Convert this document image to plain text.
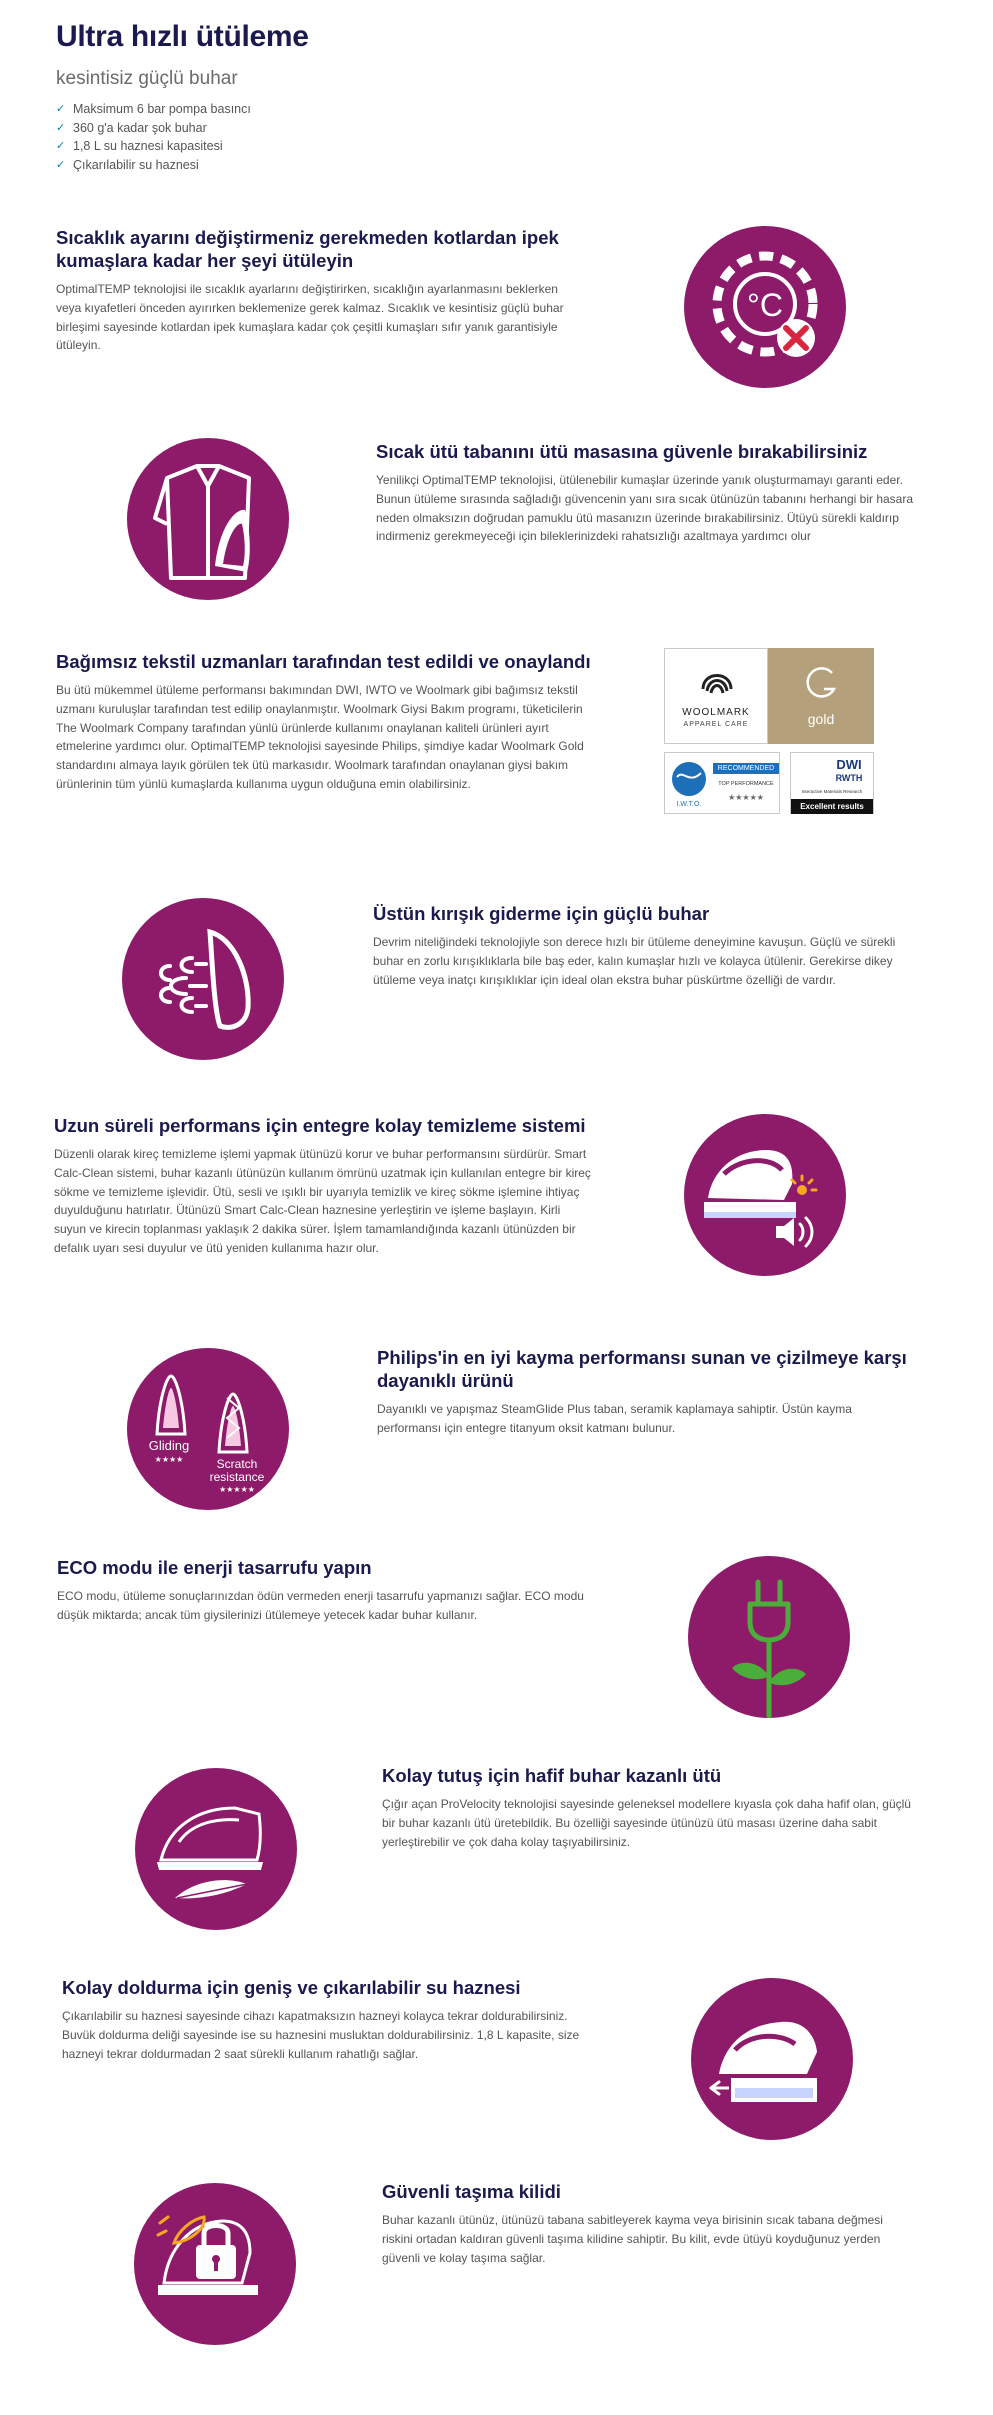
Ultra hızlı ütüleme
kesintisiz güçlü buhar
✓ Maksimum 6 bar pompa basıncı
✓ 360 g'a kadar şok buhar
✓ 1,8 L su haznesi kapasitesi
✓ Çıkarılabilir su haznesi
Sıcaklık ayarını değiştirmeniz gerekmeden kotlardan ipek kumaşlara kadar her şeyi ütüleyin

OptimalTEMP teknolojisi ile sıcaklık ayarlarını değiştirirken, sıcaklığın ayarlanmasını beklerken veya kıyafetleri önceden ayırırken beklemenize gerek kalmaz. Sıcaklık ve kesintisiz güçlü buhar birleşimi sayesinde kotlardan ipek kumaşlara kadar çok çeşitli kumaşları sıfır yanık garantisiyle ütüleyin.

°C
Sıcak ütü tabanını ütü masasına güvenle bırakabilirsiniz

Yenilikçi OptimalTEMP teknolojisi, ütülenebilir kumaşlar üzerinde yanık oluşturmamayı garanti eder. Bunun ütüleme sırasında sağladığı güvencenin yanı sıra sıcak ütünüzün tabanını herhangi bir hasara neden olmaksızın doğrudan pamuklu ütü masanızın üzerinde bırakabilirsiniz. Ütüyü sürekli kaldırıp indirmeniz gerekmeyeceği için bileklerinizdeki rahatsızlığı azaltmaya yardımcı olur

Bağımsız tekstil uzmanları tarafından test edildi ve onaylandı

Bu ütü mükemmel ütüleme performansı bakımından DWI, IWTO ve Woolmark gibi bağımsız tekstil uzmanı kuruluşlar tarafından test edilip onaylanmıştır. Woolmark Giysi Bakım programı, tüketicilerin The Woolmark Company tarafından yünlü ürünlerde kullanımı onaylanan kaliteli ürünleri ayırt etmelerine yardımcı olur. OptimalTEMP teknolojisi sayesinde Philips, şimdiye kadar Woolmark Gold standardını almaya layık görülen tek ütü markasıdır. Woolmark tarafından onaylanan giysi bakım ürünlerinin tüm yünlü kumaşlarda kullanıma uygun olduğuna emin olabilirsiniz.

WOOLMARK
APPAREL CARE	gold
I.W.T.O.
RECOMMENDED
TOP PERFORMANCE
★★★★★
DWI
RWTH
Interactive Materials Research
Excellent results
Üstün kırışık giderme için güçlü buhar

Devrim niteliğindeki teknolojiyle son derece hızlı bir ütüleme deneyimine kavuşun. Güçlü ve sürekli buhar en zorlu kırışıklıklarla bile baş eder, kalın kumaşlar hızlı ve kolayca ütülenir. Gerekirse dikey ütüleme veya inatçı kırışıklıklar için ideal olan ekstra buhar püskürtme özelliği de vardır.

Uzun süreli performans için entegre kolay temizleme sistemi

Düzenli olarak kireç temizleme işlemi yapmak ütünüzü korur ve buhar performansını sürdürür. Smart Calc-Clean sistemi, buhar kazanlı ütünüzün kullanım ömrünü uzatmak için kullanılan entegre bir kireç sökme ve temizleme işlevidir. Ütü, sesli ve ışıklı bir uyarıyla temizlik ve kireç sökme işlemine ihtiyaç duyulduğunu hatırlatır. Ütünüzü Smart Calc-Clean haznesine yerleştirin ve işleme başlayın. Kirli suyun ve kirecin toplanması yaklaşık 2 dakika sürer. İşlem tamamlandığında kazanlı ütünüzden bir defalık uyarı sesi duyulur ve ütü yeniden kullanıma hazır olur.

Gliding
★★★★	Scratch
resistance
★★★★★
Philips'in en iyi kayma performansı sunan ve çizilmeye karşı dayanıklı ürünü

Dayanıklı ve yapışmaz SteamGlide Plus taban, seramik kaplamaya sahiptir. Üstün kayma performansı için entegre titanyum oksit katmanı bulunur.

ECO modu ile enerji tasarrufu yapın

ECO modu, ütüleme sonuçlarınızdan ödün vermeden enerji tasarrufu yapmanızı sağlar. ECO modu düşük miktarda; ancak tüm giysilerinizi ütülemeye yetecek kadar buhar kullanır.

Kolay tutuş için hafif buhar kazanlı ütü

Çığır açan ProVelocity teknolojisi sayesinde geleneksel modellere kıyasla çok daha hafif olan, güçlü bir buhar kazanlı ütü üretebildik. Bu özelliği sayesinde ütünüzü ütü masası üzerine daha sabit yerleştirebilir ve çok daha kolay taşıyabilirsiniz.

Kolay doldurma için geniş ve çıkarılabilir su haznesi

Çıkarılabilir su haznesi sayesinde cihazı kapatmaksızın hazneyi kolayca tekrar doldurabilirsiniz. Buvük doldurma deliği sayesinde ise su haznesini musluktan doldurabilirsiniz. 1,8 L kapasite, size hazneyi tekrar doldurmadan 2 saat sürekli kullanım rahatlığı sağlar.

Güvenli taşıma kilidi

Buhar kazanlı ütünüz, ütünüzü tabana sabitleyerek kayma veya birisinin sıcak tabana değmesi riskini ortadan kaldıran güvenli taşıma kilidine sahiptir. Bu kilit, evde ütüyü koyduğunuz yerden güvenli ve kolay taşıma sağlar.
